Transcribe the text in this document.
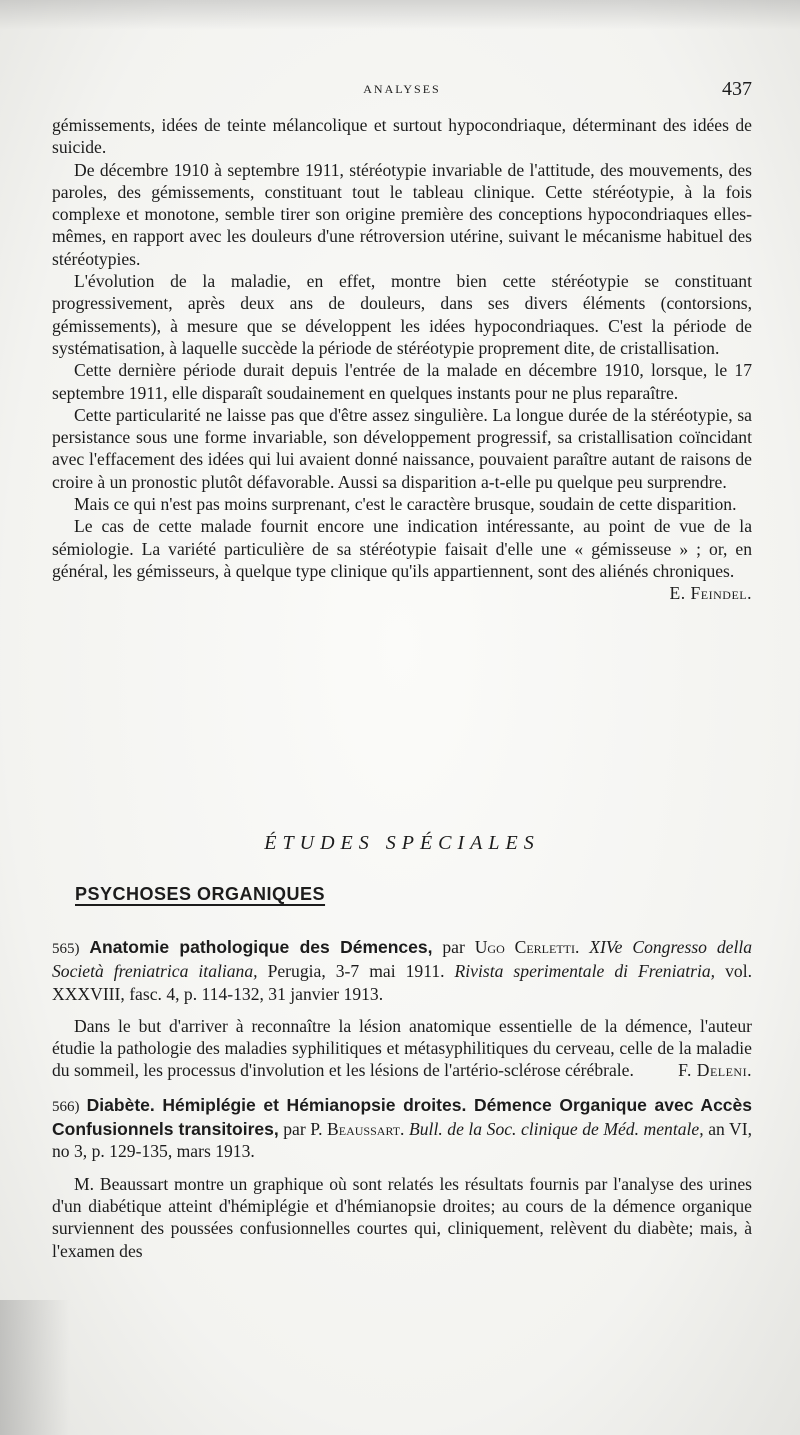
ANALYSES	437

gémissements, idées de teinte mélancolique et surtout hypocondriaque, déterminant des idées de suicide.

De décembre 1910 à septembre 1911, stéréotypie invariable de l'attitude, des mouvements, des paroles, des gémissements, constituant tout le tableau clinique. Cette stéréotypie, à la fois complexe et monotone, semble tirer son origine première des conceptions hypocondriaques elles-mêmes, en rapport avec les douleurs d'une rétroversion utérine, suivant le mécanisme habituel des stéréotypies.

L'évolution de la maladie, en effet, montre bien cette stéréotypie se constituant progressivement, après deux ans de douleurs, dans ses divers éléments (contorsions, gémissements), à mesure que se développent les idées hypocondriaques. C'est la période de systématisation, à laquelle succède la période de stéréotypie proprement dite, de cristallisation.

Cette dernière période durait depuis l'entrée de la malade en décembre 1910, lorsque, le 17 septembre 1911, elle disparaît soudainement en quelques instants pour ne plus reparaître.

Cette particularité ne laisse pas que d'être assez singulière. La longue durée de la stéréotypie, sa persistance sous une forme invariable, son développement progressif, sa cristallisation coïncidant avec l'effacement des idées qui lui avaient donné naissance, pouvaient paraître autant de raisons de croire à un pronostic plutôt défavorable. Aussi sa disparition a-t-elle pu quelque peu surprendre.

Mais ce qui n'est pas moins surprenant, c'est le caractère brusque, soudain de cette disparition.

Le cas de cette malade fournit encore une indication intéressante, au point de vue de la sémiologie. La variété particulière de sa stéréotypie faisait d'elle une « gémisseuse » ; or, en général, les gémisseurs, à quelque type clinique qu'ils appartiennent, sont des aliénés chroniques.
E. Feindel.

ÉTUDES SPÉCIALES
PSYCHOSES ORGANIQUES

565) Anatomie pathologique des Démences, par Ugo Cerletti. XIVe Congresso della Società freniatrica italiana, Perugia, 3-7 mai 1911. Rivista sperimentale di Freniatria, vol. XXXVIII, fasc. 4, p. 114-132, 31 janvier 1913.

Dans le but d'arriver à reconnaître la lésion anatomique essentielle de la démence, l'auteur étudie la pathologie des maladies syphilitiques et métasyphilitiques du cerveau, celle de la maladie du sommeil, les processus d'involution et les lésions de l'artério-sclérose cérébrale.	F. Deleni.

566) Diabète. Hémiplégie et Hémianopsie droites. Démence Organique avec Accès Confusionnels transitoires, par P. Beaussart. Bull. de la Soc. clinique de Méd. mentale, an VI, no 3, p. 129-135, mars 1913.

M. Beaussart montre un graphique où sont relatés les résultats fournis par l'analyse des urines d'un diabétique atteint d'hémiplégie et d'hémianopsie droites; au cours de la démence organique surviennent des poussées confusionnelles courtes qui, cliniquement, relèvent du diabète; mais, à l'examen des
